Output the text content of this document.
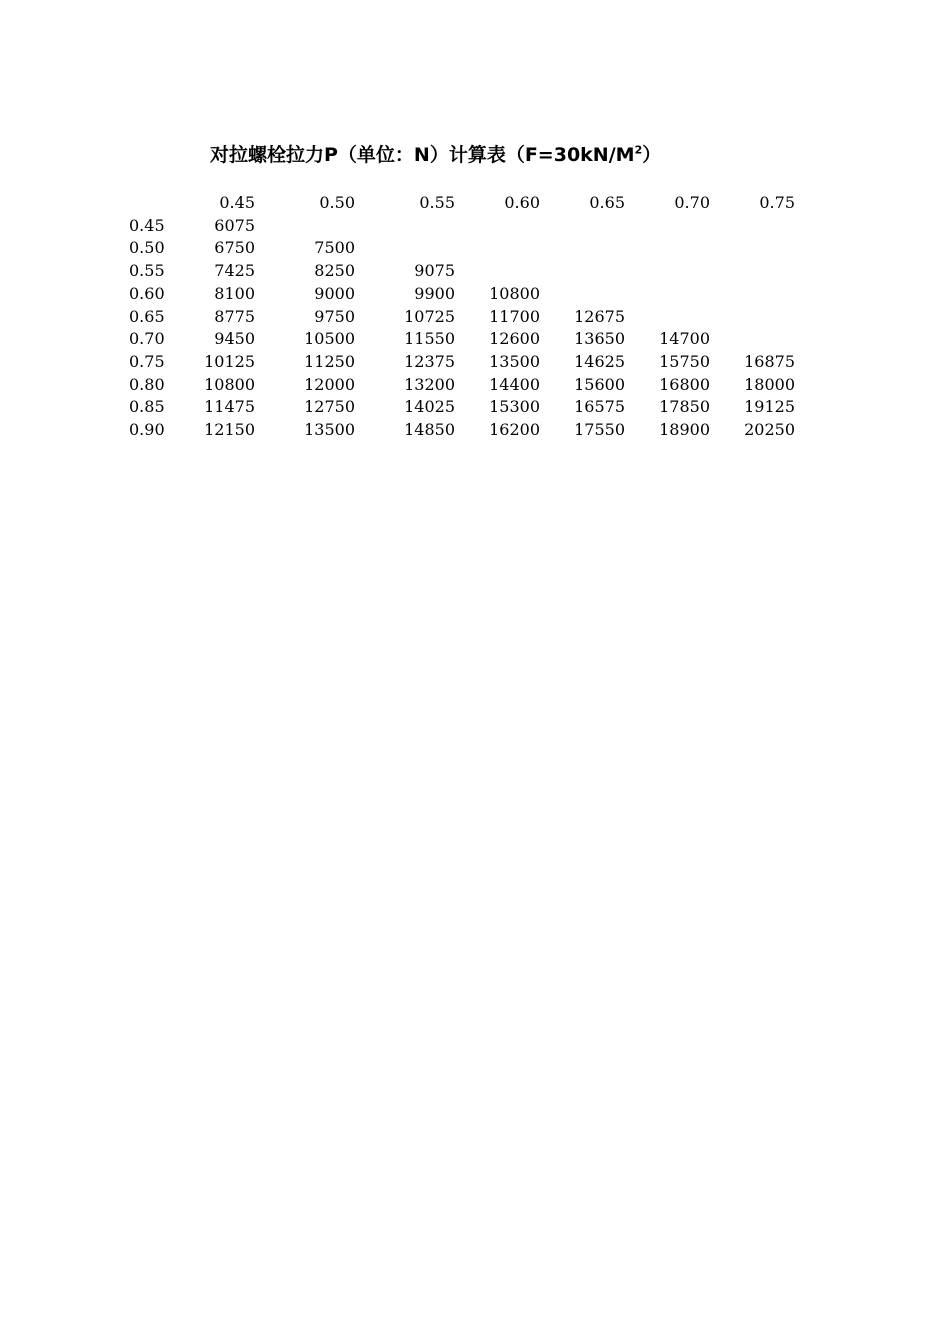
对拉螺栓拉力P（单位：N）计算表$(F=30kN/M^2)$
	0.45	0.50	0.55	0.60	0.65	0.70	0.75
0.45	6075						
0.50	6750	7500					
0.55	7425	8250	9075				
0.60	8100	9000	9900	10800			
0.65	8775	9750	10725	11700	12675		
0.70	9450	10500	11550	12600	13650	14700	
0.75	10125	11250	12375	13500	14625	15750	16875
0.80	10800	12000	13200	14400	15600	16800	18000
0.85	11475	12750	14025	15300	16575	17850	19125
0.90	12150	13500	14850	16200	17550	18900	20250
